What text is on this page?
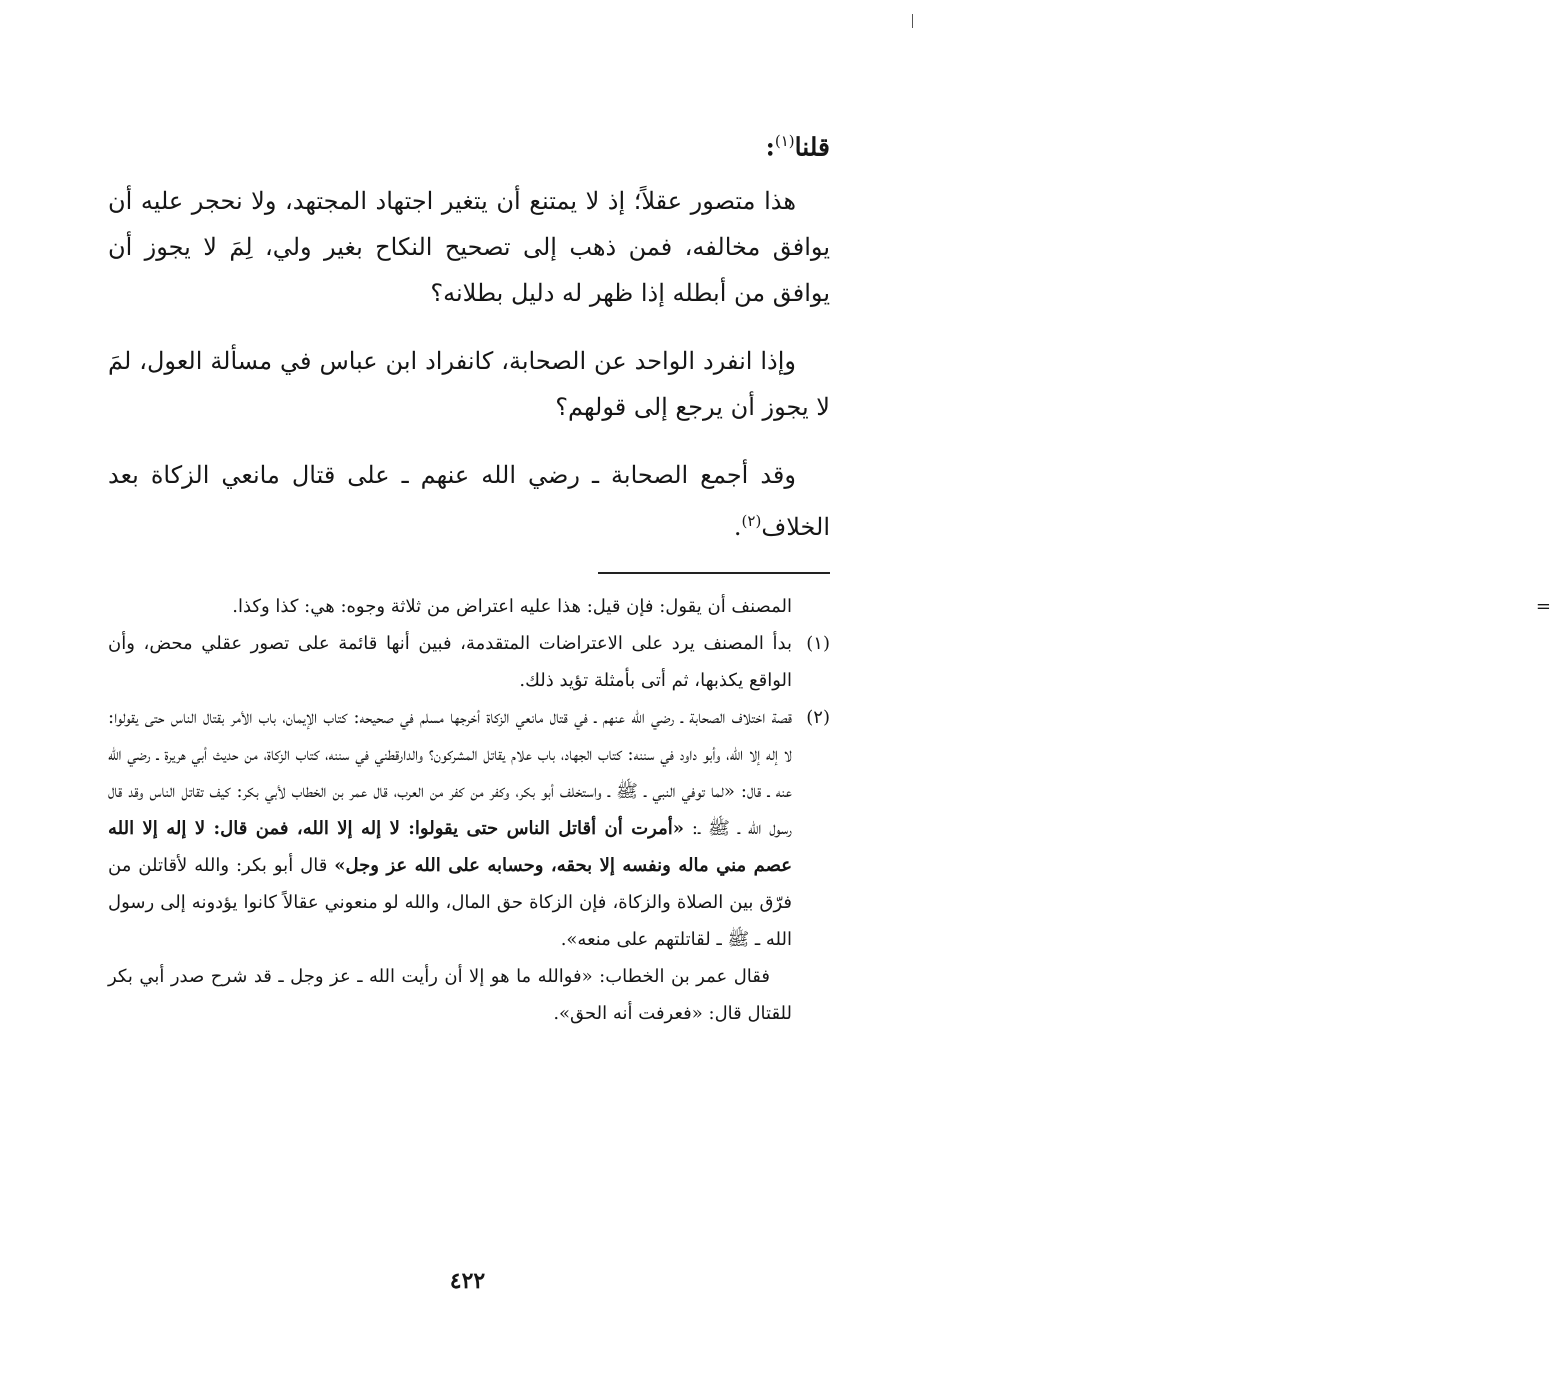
قلنا$^{(١)}$:

هذا متصور عقلاً؛ إذ لا يمتنع أن يتغير اجتهاد المجتهد، ولا نحجر عليه أن يوافق مخالفه، فمن ذهب إلى تصحيح النكاح بغير ولي، لِمَ لا يجوز أن يوافق من أبطله إذا ظهر له دليل بطلانه؟

وإذا انفرد الواحد عن الصحابة، كانفراد ابن عباس في مسألة العول، لمَ لا يجوز أن يرجع إلى قولهم؟

وقد أجمع الصحابة ـ رضي الله عنهم ـ على قتال مانعي الزكاة بعد الخلاف$^{(٢)}$.

=
المصنف أن يقول: فإن قيل: هذا عليه اعتراض من ثلاثة وجوه: هي: كذا وكذا.

(١)
بدأ المصنف يرد على الاعتراضات المتقدمة، فبين أنها قائمة على تصور عقلي محض، وأن الواقع يكذبها، ثم أتى بأمثلة تؤيد ذلك.
(٢)
قصة اختلاف الصحابة ـ رضي الله عنهم ـ في قتال مانعي الزكاة أخرجها مسلم في صحيحه: كتاب الإيمان، باب الأمر بقتال الناس حتى يقولوا: لا إله إلا الله، وأبو داود في سننه: كتاب الجهاد، باب علام يقاتل المشركون؟ والدارقطني في سننه، كتاب الزكاة، من حديث أبي هريرة ـ رضي الله عنه ـ قال: «لما توفي النبي ـ ﷺ ـ واستخلف أبو بكر، وكفر من كفر من العرب، قال عمر بن الخطاب لأبي بكر: كيف تقاتل الناس وقد قال رسول الله ـ ﷺ ـ: «أمرت أن أقاتل الناس حتى يقولوا: لا إله إلا الله، فمن قال: لا إله إلا الله عصم مني ماله ونفسه إلا بحقه، وحسابه على الله عز وجل» قال أبو بكر: والله لأقاتلن من فرّق بين الصلاة والزكاة، فإن الزكاة حق المال، والله لو منعوني عقالاً كانوا يؤدونه إلى رسول الله ـ ﷺ ـ لقاتلتهم على منعه».

فقال عمر بن الخطاب: «فوالله ما هو إلا أن رأيت الله ـ عز وجل ـ قد شرح صدر أبي بكر للقتال قال: «فعرفت أنه الحق».

٤٢٢
